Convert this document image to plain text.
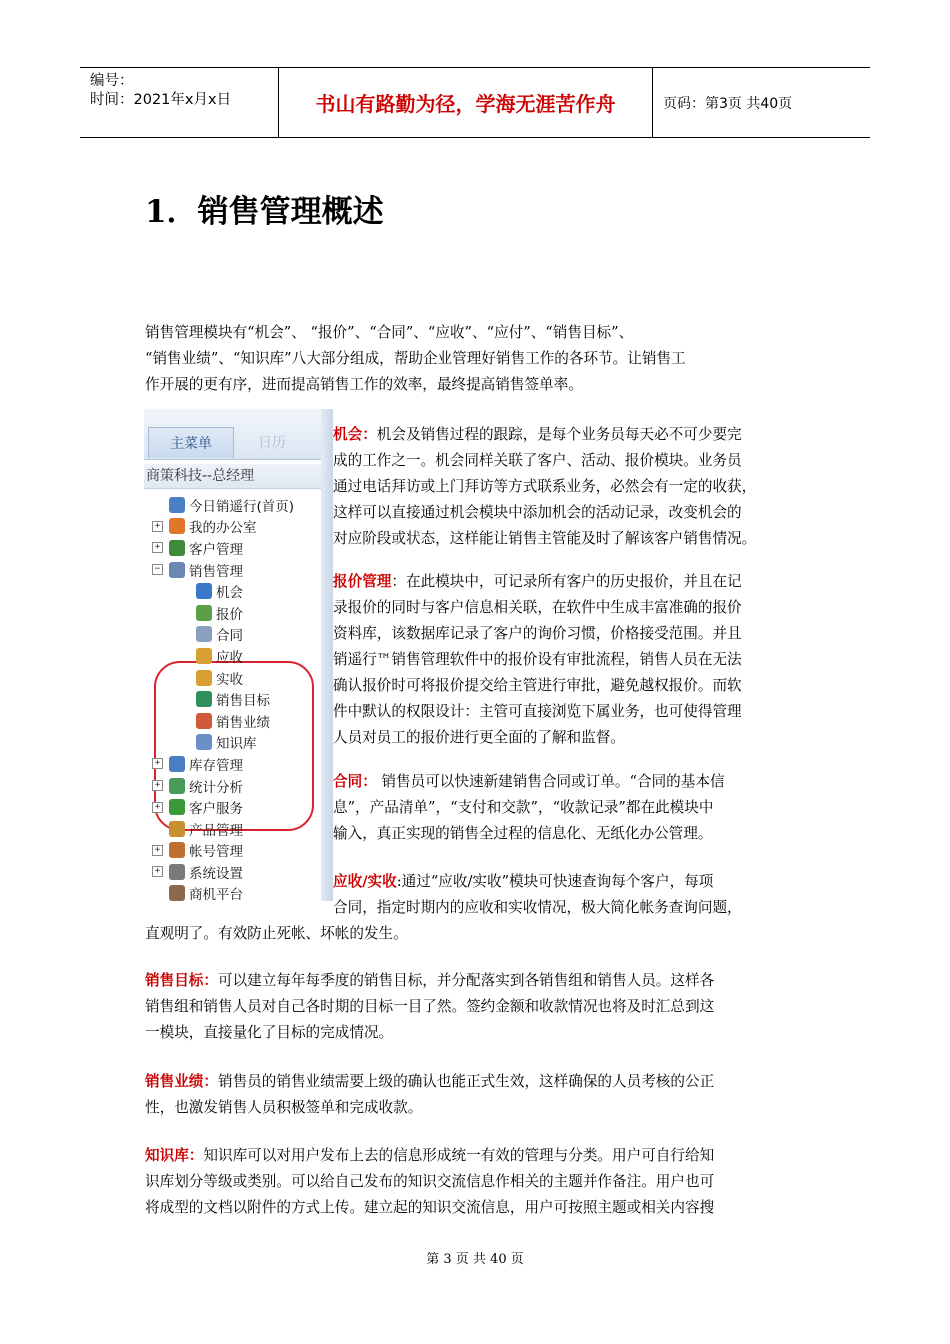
编号：
时间：2021年x月x日	书山有路勤为径，学海无涯苦作舟	页码：第3页 共40页
1．销售管理概述
销售管理模块有“机会”、 “报价”、“合同”、“应收”、“应付”、“销售目标”、
“销售业绩”、“知识库”八大部分组成，帮助企业管理好销售工作的各环节。让销售工
作开展的更有序，进而提高销售工作的效率，最终提高销售签单率。
主菜单	日历
商策科技--总经理
今日销遥行(首页)
+ 我的办公室
+ 客户管理
− 销售管理
机会
报价
合同
应收
实收
销售目标
销售业绩
知识库
+ 库存管理
+ 统计分析
+ 客户服务
产品管理
+ 帐号管理
+ 系统设置
商机平台
机会：机会及销售过程的跟踪，是每个业务员每天必不可少要完
成的工作之一。机会同样关联了客户、活动、报价模块。业务员
通过电话拜访或上门拜访等方式联系业务，必然会有一定的收获，
这样可以直接通过机会模块中添加机会的活动记录，改变机会的
对应阶段或状态，这样能让销售主管能及时了解该客户销售情况。
报价管理：在此模块中，可记录所有客户的历史报价，并且在记
录报价的同时与客户信息相关联，在软件中生成丰富准确的报价
资料库，该数据库记录了客户的询价习惯，价格接受范围。并且
销遥行™销售管理软件中的报价设有审批流程，销售人员在无法
确认报价时可将报价提交给主管进行审批，避免越权报价。而软
件中默认的权限设计：主管可直接浏览下属业务，也可使得管理
人员对员工的报价进行更全面的了解和监督。
合同： 销售员可以快速新建销售合同或订单。“合同的基本信
息”，产品清单”，“支付和交款”，“收款记录”都在此模块中
输入，真正实现的销售全过程的信息化、无纸化办公管理。
应收/实收:通过“应收/实收”模块可快速查询每个客户，每项
合同，指定时期内的应收和实收情况，极大简化帐务查询问题，
直观明了。有效防止死帐、坏帐的发生。
销售目标：可以建立每年每季度的销售目标，并分配落实到各销售组和销售人员。这样各
销售组和销售人员对自己各时期的目标一目了然。签约金额和收款情况也将及时汇总到这
一模块，直接量化了目标的完成情况。
销售业绩：销售员的销售业绩需要上级的确认也能正式生效，这样确保的人员考核的公正
性，也激发销售人员积极签单和完成收款。
知识库：知识库可以对用户发布上去的信息形成统一有效的管理与分类。用户可自行给知
识库划分等级或类别。可以给自己发布的知识交流信息作相关的主题并作备注。用户也可
将成型的文档以附件的方式上传。建立起的知识交流信息，用户可按照主题或相关内容搜
第 3 页 共 40 页
